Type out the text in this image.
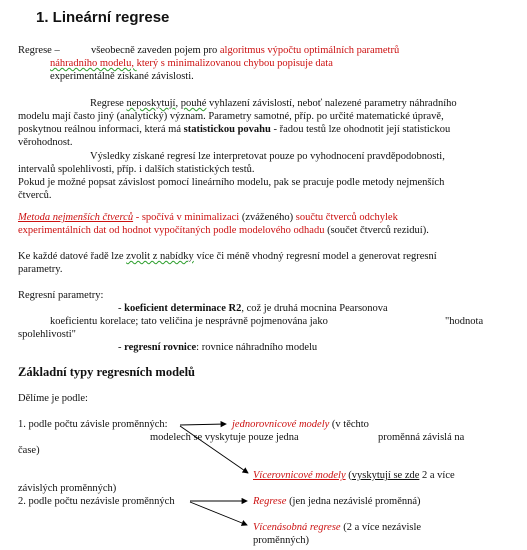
1. Lineární regrese
Regrese –	všeobecně zaveden pojem pro algoritmus výpočtu optimálních parametrů
náhradního modelu, který s minimalizovanou chybou popisuje data
experimentálně získané závislosti.
Regrese neposkytují, pouhé vyhlazení závislostí, neboť nalezené parametry náhradního
modelu mají často jiný (analytický) význam. Parametry samotné, příp. po určité matematické úpravě,
poskytnou reálnou informaci, která má statistickou povahu - řadou testů lze ohodnotit její statistickou
věrohodnost.
Výsledky získané regresí lze interpretovat pouze po vyhodnocení pravděpodobnosti,
intervalů spolehlivosti, příp. i dalších statistických testů.
Pokud je možné popsat závislost pomocí lineárního modelu, pak se pracuje podle metody nejmenších
čtverců.
Metoda nejmenších čtverců - spočívá v minimalizaci (zváženého) součtu čtverců odchylek
experimentálních dat od hodnot vypočítaných podle modelového odhadu (součet čtverců reziduí).
Ke každé datové řadě lze zvolit z nabídky více či méně vhodný regresní model a generovat regresní
parametry.
Regresní parametry:
- koeficient determinace R2, což je druhá mocnina Pearsonova
koeficientu korelace; tato veličina je nesprávně pojmenována jako	"hodnota
spolehlivosti"
- regresní rovnice: rovnice náhradního modelu
Základní typy regresních modelů
Dělíme je podle:
1. podle počtu závisle proměnných:	jednorovnicové modely (v těchto
modelech se vyskytuje pouze jedna	proměnná závislá na
čase)
Vícerovnicové modely (vyskytují se zde 2 a více
závislých proměnných)
2. podle počtu nezávisle proměnných	Regrese (jen jedna nezávislé proměnná)
Vícenásobná regrese (2 a více nezávisle
proměnných)
